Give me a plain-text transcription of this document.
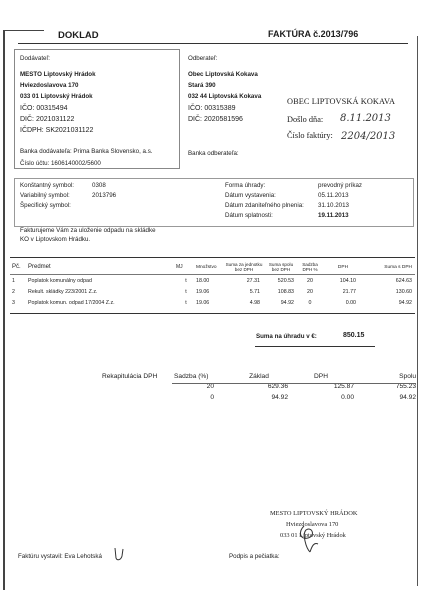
DOKLAD	FAKTÚRA č.2013/796
Dodávateľ:
MESTO Liptovský Hrádok
Hviezdoslavova 170
033 01 Liptovský Hrádok
IČO: 00315494
DIČ: 2021031122
IČDPH: SK2021031122
Banka dodávateľa: Prima Banka Slovensko, a.s.
Číslo účtu: 1606140002/5600
Odberateľ:
Obec Liptovská Kokava
Stará 390
032 44 Liptovská Kokava
IČO: 00315389
DIČ: 2020581596
Banka odberateľa:
OBEC LIPTOVSKÁ KOKAVA
Došlo dňa: 8.11.2013
Číslo faktúry: 2204/2013
Konštantný symbol:	0308
Variabilný symbol:	2013796
Špecifický symbol:
Forma úhrady:	prevodný príkaz
Dátum vystavenia:	05.11.2013
Dátum zdaniteľného plnenia: 31.10.2013
Dátum splatnosti:	19.11.2013
Fakturujeme Vám za uloženie odpadu na skládke
KO v Liptovskom Hrádku.
Pč.	Predmet	MJ	Množstvo	Suma za jednotku
bez DPH	Suma spolu
bez DPH	Sadzba
DPH %	DPH	Suma s DPH
1	Poplatok komunálny odpad	t	18.00	27.31	520.53	20	104.10	624.63
2	Rekult. skládky 223/2001 Z.z.	t	19.06	5.71	108.83	20	21.77	130.60
3	Poplatok komun. odpad 17/2004 Z.z.	t	19.06	4.98	94.92	0	0.00	94.92
Suma na úhradu v €:	850.15
Rekapitulácia DPH	Sadzba (%)	Základ	DPH	Spolu
	20	629.36	125.87	755.23
	0	94.92	0.00	94.92
MESTO LIPTOVSKÝ HRÁDOK
Hviezdoslavova 170
033 01 Liptovský Hrádok
Faktúru vystavil: Eva Lehotská	Podpis a pečiatka:
